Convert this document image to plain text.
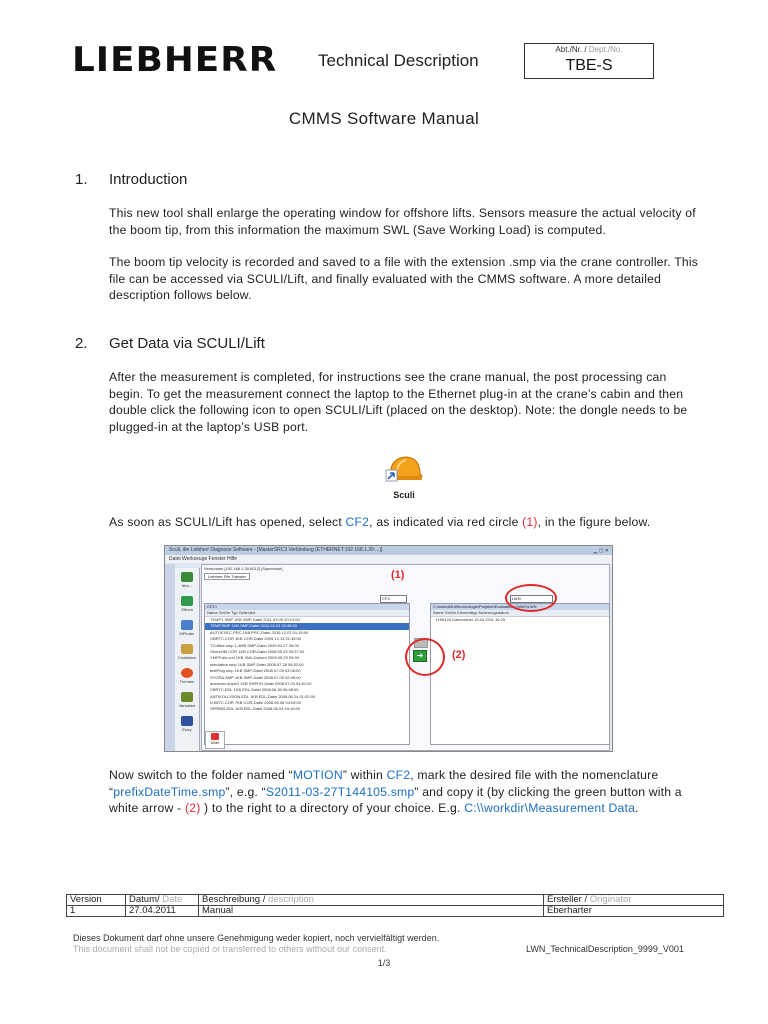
LIEBHERR Technical Description
Abt./Nr. / Dept./No.
TBE-S
CMMS Software Manual
1. Introduction

This new tool shall enlarge the operating window for offshore lifts. Sensors measure the actual velocity of the boom tip, from this information the maximum SWL (Save Working Load) is computed.

The boom tip velocity is recorded and saved to a file with the extension .smp via the crane controller. This file can be accessed via SCULI/Lift, and finally evaluated with the CMMS software. A more detailed description follows below.

2. Get Data via SCULI/Lift

After the measurement is completed, for instructions see the crane manual, the post processing can begin. To get the measurement connect the laptop to the Ethernet plug-in at the crane’s cabin and then double click the following icon to open SCULI/Lift (placed on the desktop). Note: the dongle needs to be plugged-in at the laptop’s USB port.

Sculi

As soon as SCULI/Lift has opened, select CF2, as indicated via red circle (1), in the figure below.

Sculi, die Liebherr Diagnose Software - [MasterSRC3 Verbindung (ETHERNET:192.168.1.30:...)]	▁ ▢ ✕
Datei Werkzeuge Fenster Hilfe
Neu...
Öffnen
MPinder
Codeklam
Trennen
Variablen
Entry
Verbunden [192.168.1.30:5012] [Supervisor]
Liebherr File Transfer
CF2:	LWN
CF2:\
Name Größe Typ Geändert
TEMP1.SMP 1KB SMP-Datei 2011.03.09 20:13:00
TEMP.SMP 1KB SMP-Datei 2011.03.23 02:48:00
AUTOEXEC.PRC 1KB PRC-Datei 2010.12.07 01:15:00
OBRTC.COR 1KB COR-Datei 2009.12.13 21:45:00
TCoffice.smp 1.4MB SMP-Datei 2009.03.27 06:00
ObercHM.COR 1KB COR-Datei 2008.05.29 09:37:00
YMPFolio.xml 1KB XML-Dokum 2009.05.29 09:00
simulation.smp 1KB SMP-Datei 2008.07.28 08:52:00
testProg.smp 1KB SMP-Datei 2008.07.09 03:06:00
SYORA.SMP 1KB SMP-Datei 2008.07.09 02:06:00
autoexec.shphO 1KB SHPHO-Datei 2008.07.04 04:51:00
CBRTC.EDL 1KB EDL-Datei 2008.06.30 06:08:00
ANTIKOLLISION.EDL 1KB EDL-Datei 2008.06.24 01:02:00
LHMTC.COR 7KB COR-Datei 2008.06.06 04:03:00
SPRB05.EDL 1KB EDL-Datei 2008.06.04 04:16:00
➔
C:\workdir\Lifttechnologie\Projekte\Evaluation\CMMS\LWN
Name Größe Elementtyp Änderungsdatum
LHM120 Dateiordner 15.04.2011 16:25
Über
(1)
(2)

Now switch to the folder named “MOTION” within CF2, mark the desired file with the nomenclature “prefixDateTime.smp”, e.g. “S2011-03-27T144105.smp” and copy it (by clicking the green button with a white arrow - (2) ) to the right to a directory of your choice. E.g. C:\\workdir\Measurement Data.

Version	Datum/ Date	Beschreibung / description	Ersteller / Originator
1	27.04.2011	Manual	Eberharter
Dieses Dokument darf ohne unsere Genehmigung weder kopiert, noch vervielfältigt werden.
This document shall not be copied or transferred to others without our consent.	LWN_TechnicalDescription_9999_V001
1/3
